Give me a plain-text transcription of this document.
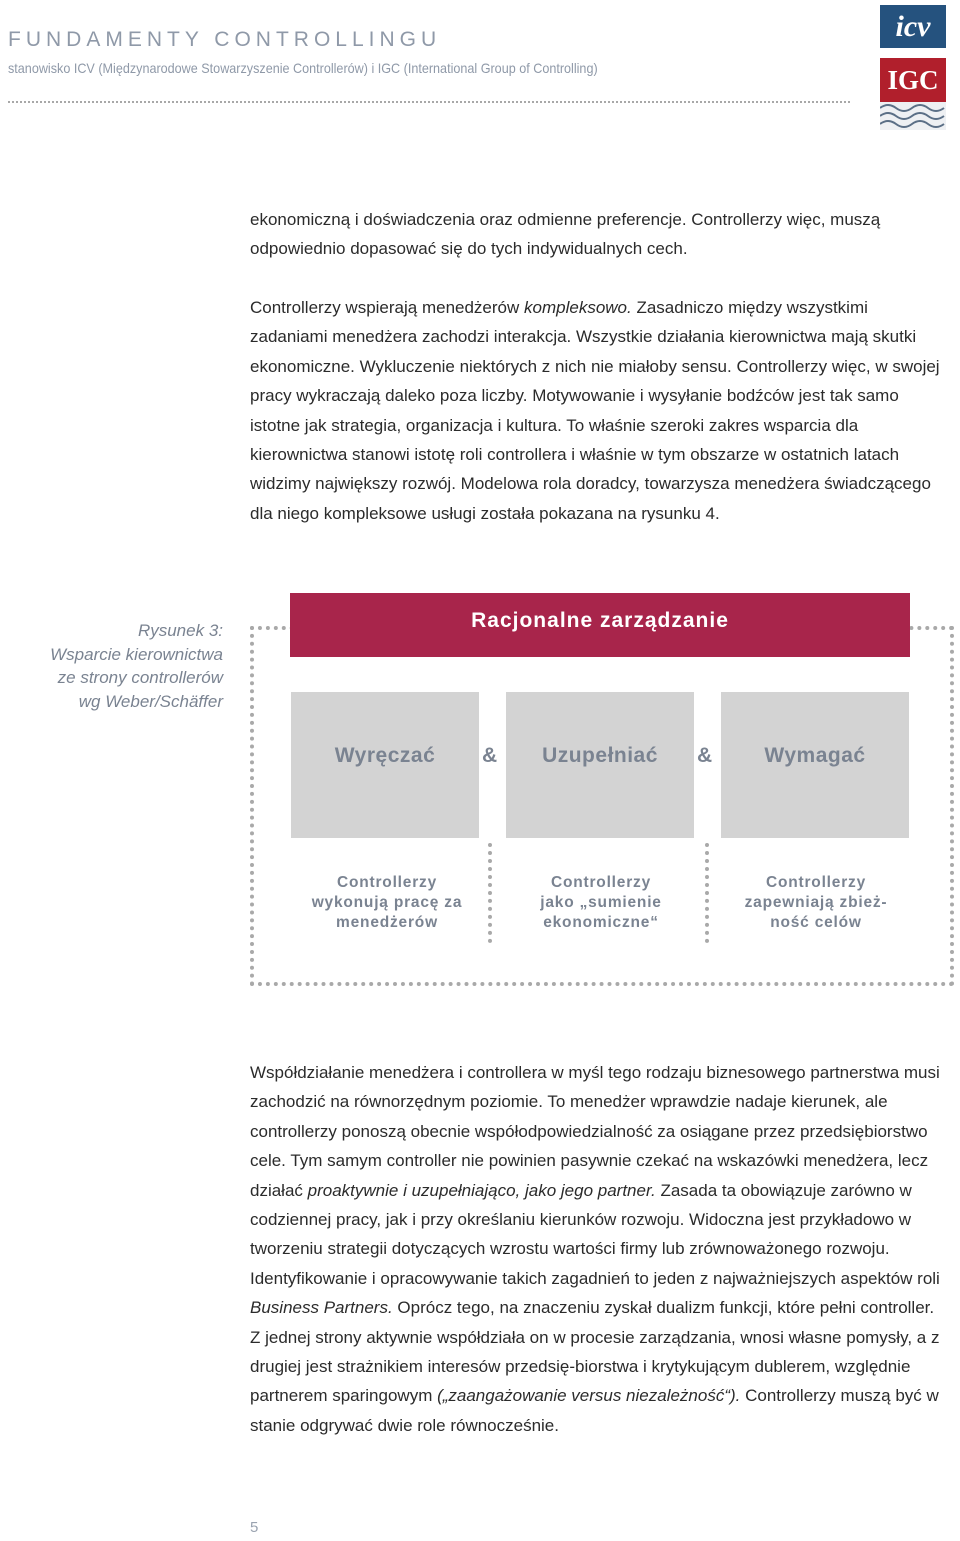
FUNDAMENTY CONTROLLINGU
stanowisko ICV (Międzynarodowe Stowarzyszenie Controllerów) i IGC (International Group of Controlling)
icv
IGC
ekonomiczną i doświadczenia oraz odmienne preferencje. Controllerzy więc, muszą odpowiednio dopasować się do tych indywidualnych cech.
Controllerzy wspierają menedżerów kompleksowo. Zasadniczo między wszystkimi zadaniami menedżera zachodzi interakcja. Wszystkie działania kierownictwa mają skutki ekonomiczne. Wykluczenie niektórych z nich nie miałoby sensu. Controllerzy więc, w swojej pracy wykraczają daleko poza liczby. Motywowanie i wysyłanie bodźców jest tak samo istotne jak strategia, organizacja i kultura. To właśnie szeroki zakres wsparcia dla kierownictwa stanowi istotę roli controllera i właśnie w tym obszarze w ostatnich latach widzimy największy rozwój. Modelowa rola doradcy, towarzysza menedżera świadczącego dla niego kompleksowe usługi została pokazana na rysunku 4.
Rysunek 3:
Wsparcie kierownictwa
ze strony controllerów
wg Weber/Schäffer
Racjonalne zarządzanie
Wyręczać	&	Uzupełniać	&	Wymagać
Controllerzy
wykonują pracę za
menedżerów
Controllerzy
jako „sumienie
ekonomiczne“
Controllerzy
zapewniają zbież-
ność celów
Współdziałanie menedżera i controllera w myśl tego rodzaju biznesowego partnerstwa musi zachodzić na równorzędnym poziomie. To menedżer wprawdzie nadaje kierunek, ale controllerzy ponoszą obecnie współodpowiedzialność za osiągane przez przedsiębiorstwo cele. Tym samym controller nie powinien pasywnie czekać na wskazówki menedżera, lecz działać proaktywnie i uzupełniająco, jako jego partner. Zasada ta obowiązuje zarówno w codziennej pracy, jak i przy określaniu kierunków rozwoju. Widoczna jest przykładowo w tworzeniu strategii dotyczących wzrostu wartości firmy lub zrównoważonego rozwoju. Identyfikowanie i opracowywanie takich zagadnień to jeden z najważniejszych aspektów roli Business Partners. Oprócz tego, na znaczeniu zyskał dualizm funkcji, które pełni controller. Z jednej strony aktywnie współdziała on w procesie zarządzania, wnosi własne pomysły, a z drugiej jest strażnikiem interesów przedsię-biorstwa i krytykującym dublerem, względnie partnerem sparingowym („zaangażowanie versus niezależność“). Controllerzy muszą być w stanie odgrywać dwie role równocześnie.
5
